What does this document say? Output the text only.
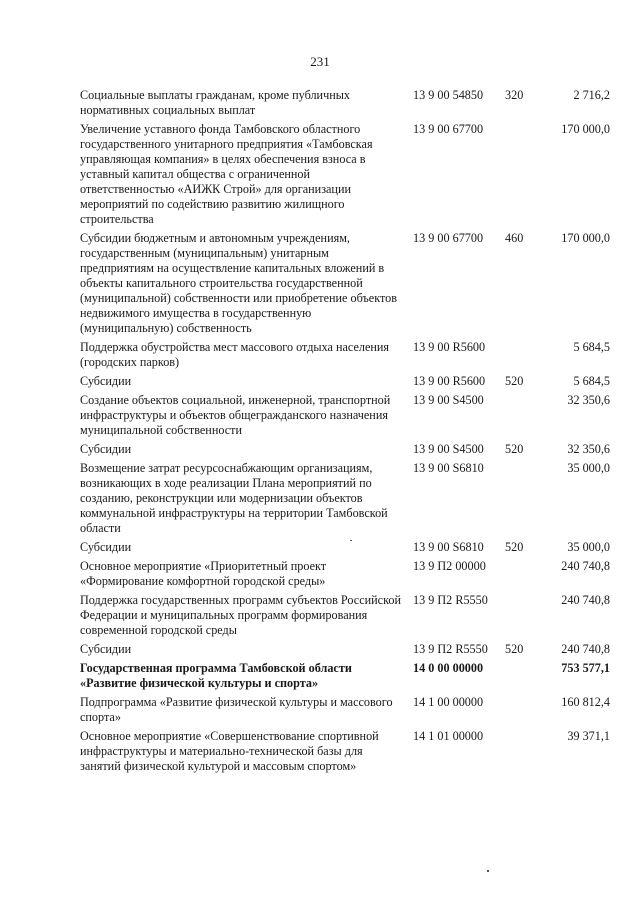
231
Социальные выплаты гражданам, кроме публичных нормативных социальных выплат
13 9 00 54850	320	2 716,2
Увеличение уставного фонда Тамбовского областного государственного унитарного предприятия «Тамбовская управляющая компания» в целях обеспечения взноса в уставный капитал общества с ограниченной ответственностью «АИЖК Строй» для организации мероприятий по содействию развитию жилищного строительства
13 9 00 67700	170 000,0
Субсидии бюджетным и автономным учреждениям, государственным (муниципальным) унитарным предприятиям на осуществление капитальных вложений в объекты капитального строительства государственной (муниципальной) собственности или приобретение объектов недвижимого имущества в государственную (муниципальную) собственность
13 9 00 67700	460	170 000,0
Поддержка обустройства мест массового отдыха населения (городских парков)
13 9 00 R5600	5 684,5
Субсидии	13 9 00 R5600	520	5 684,5
Создание объектов социальной, инженерной, транспортной инфраструктуры и объектов общегражданского назначения муниципальной собственности
13 9 00 S4500	32 350,6
Субсидии	13 9 00 S4500	520	32 350,6
Возмещение затрат ресурсоснабжающим организациям, возникающих в ходе реализации Плана мероприятий по созданию, реконструкции или модернизации объектов коммунальной инфраструктуры на территории Тамбовской области
13 9 00 S6810	35 000,0
Субсидии	13 9 00 S6810	520	35 000,0
Основное мероприятие «Приоритетный проект «Формирование комфортной городской среды»
13 9 П2 00000	240 740,8
Поддержка государственных программ субъектов Российской Федерации и муниципальных программ формирования современной городской среды
13 9 П2 R5550	240 740,8
Субсидии	13 9 П2 R5550	520	240 740,8
Государственная программа Тамбовской области «Развитие физической культуры и спорта»
14 0 00 00000	753 577,1
Подпрограмма «Развитие физической культуры и массового спорта»
14 1 00 00000	160 812,4
Основное мероприятие «Совершенствование спортивной инфраструктуры и материально-технической базы для занятий физической культурой и массовым спортом»
14 1 01 00000	39 371,1
